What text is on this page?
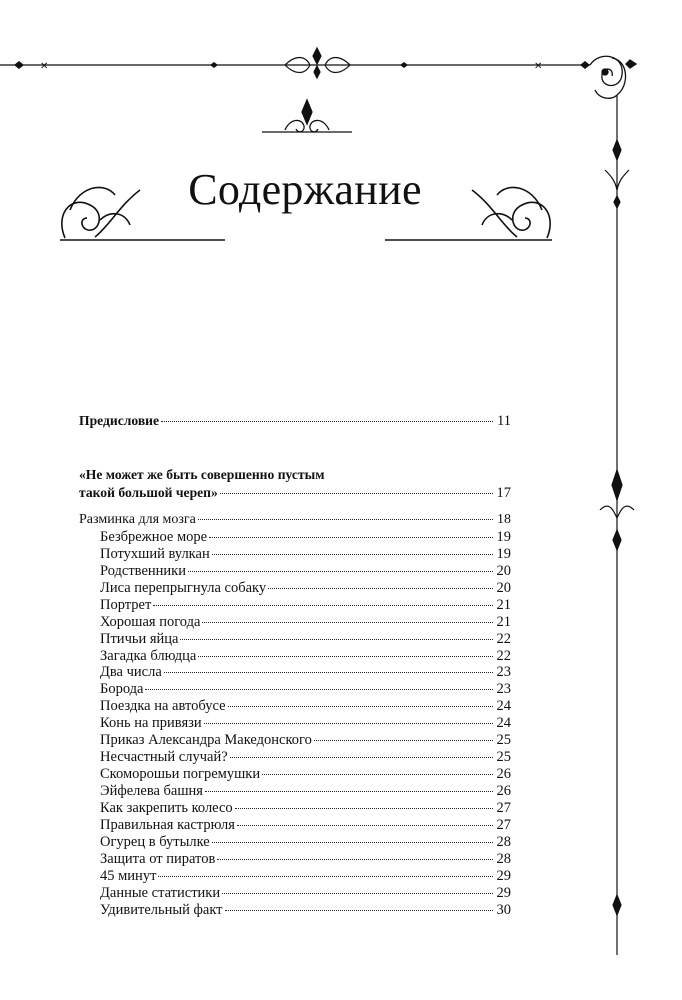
✕	✕
Содержание
Предисловие	11
«Не может же быть совершенно пустым
такой большой череп»	17
Разминка для мозга	18
Безбрежное море	19
Потухший вулкан	19
Родственники	20
Лиса перепрыгнула собаку	20
Портрет	21
Хорошая погода	21
Птичьи яйца	22
Загадка блюдца	22
Два числа	23
Борода	23
Поездка на автобусе	24
Конь на привязи	24
Приказ Александра Македонского	25
Несчастный случай?	25
Скоморошьи погремушки	26
Эйфелева башня	26
Как закрепить колесо	27
Правильная кастрюля	27
Огурец в бутылке	28
Защита от пиратов	28
45 минут	29
Данные статистики	29
Удивительный факт	30
